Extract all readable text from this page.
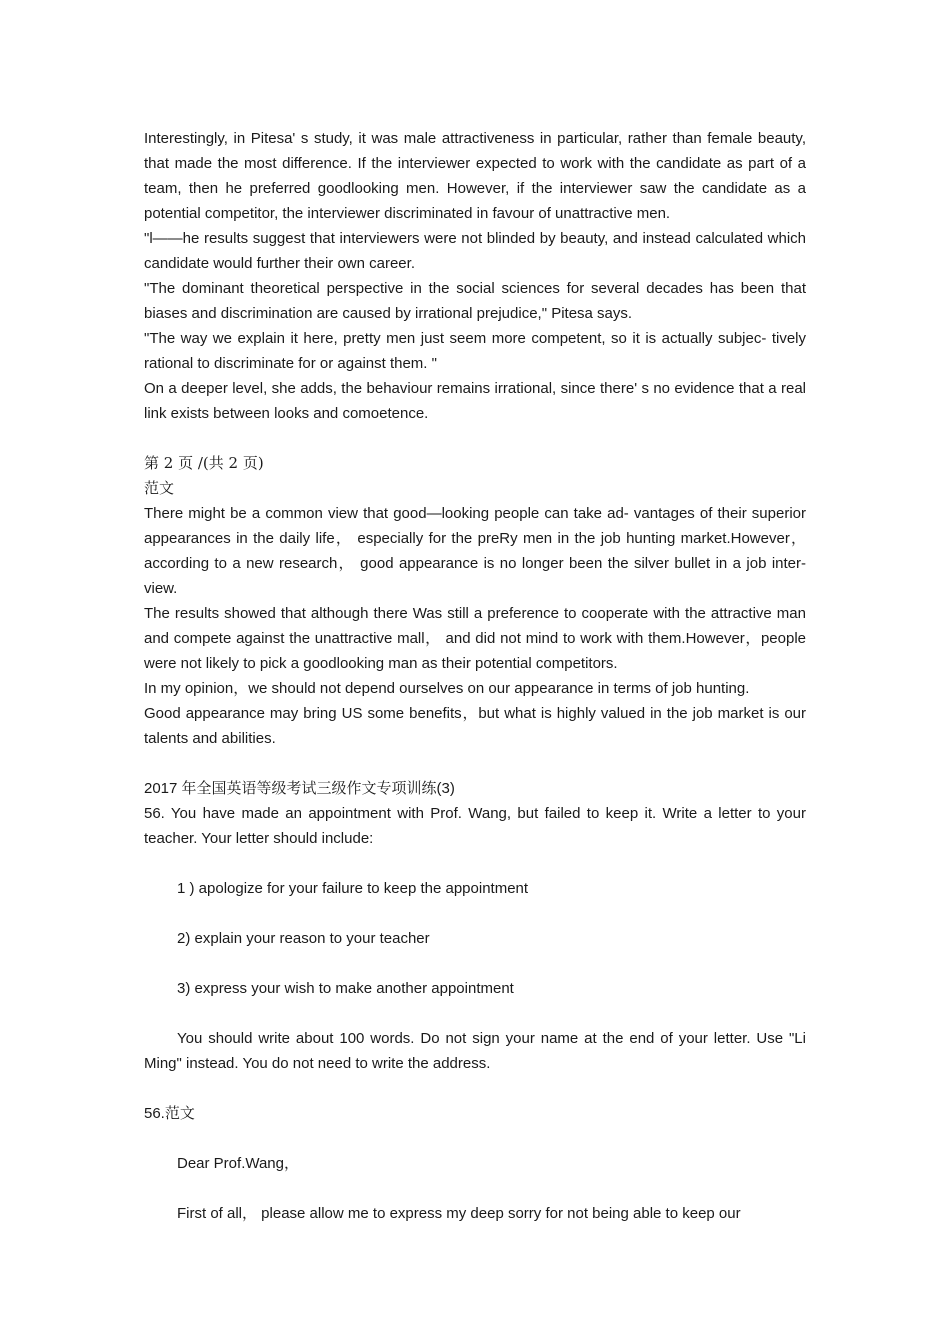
Interestingly, in Pitesa' s study, it was male attractiveness in particular, rather than female beauty, that made the most difference. If the interviewer expected to work with the candidate as part of a team, then he preferred goodlooking men. However, if the interviewer saw the candidate as a potential competitor, the interviewer discriminated in favour of unattractive men.

"l——he results suggest that interviewers were not blinded by beauty, and instead calculated which candidate would further their own career.

"The dominant theoretical perspective in the social sciences for several decades has been that biases and discrimination are caused by irrational prejudice," Pitesa says.

"The way we explain it here, pretty men just seem more competent, so it is actually subjec- tively rational to discriminate for or against them. "

On a deeper level, she adds, the behaviour remains irrational, since there' s no evidence that a real link exists between looks and comoetence.

第 2 页 /(共 2 页)

范文

There might be a common view that good—looking people can take ad- vantages of their superior appearances in the daily life， especially for the preRy men in the job hunting market.However， according to a new research， good appearance is no longer been the silver bullet in a job inter-view.

The results showed that although there Was still a preference to cooperate with the attractive man and compete against the unattractive mall， and did not mind to work with them.However，people were not likely to pick a goodlooking man as their potential competitors.

In my opinion，we should not depend ourselves on our appearance in terms of job hunting.

Good appearance may bring US some benefits，but what is highly valued in the job market is our talents and abilities.

2017 年全国英语等级考试三级作文专项训练(3)

56. You have made an appointment with Prof. Wang, but failed to keep it. Write a letter to your teacher. Your letter should include:

1 ) apologize for your failure to keep the appointment

2) explain your reason to your teacher

3) express your wish to make another appointment

You should write about 100 words. Do not sign your name at the end of your letter. Use "Li Ming" instead. You do not need to write the address.

56.范文

Dear Prof.Wang，

First of all， please allow me to express my deep sorry for not being able to keep our
